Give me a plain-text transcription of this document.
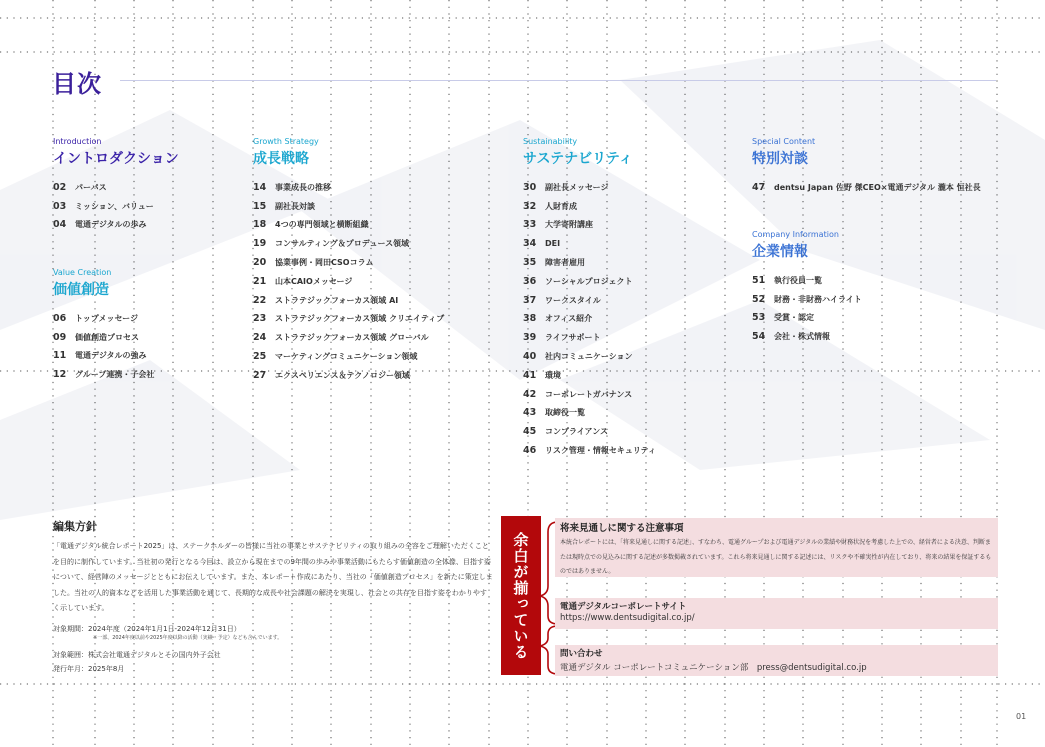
目次
Introduction
イントロダクション
02	パーパス
03	ミッション、バリュー
04	電通デジタルの歩み
Value Creation
価値創造
06	トップメッセージ
09	価値創造プロセス
11	電通デジタルの強み
12	グループ連携・子会社
Growth Strategy
成長戦略
14	事業成長の推移
15	副社長対談
18	4つの専門領域と横断組織
19	コンサルティング＆プロデュース領域
20	協業事例・岡田CSOコラム
21	山本CAIOメッセージ
22	ストラテジックフォーカス領域 AI
23	ストラテジックフォーカス領域 クリエイティブ
24	ストラテジックフォーカス領域 グローバル
25	マーケティングコミュニケーション領域
27	エクスペリエンス＆テクノロジー領域
Sustainability
サステナビリティ
30	副社長メッセージ
32	人財育成
33	大学寄附講座
34	DEI
35	障害者雇用
36	ソーシャルプロジェクト
37	ワークスタイル
38	オフィス紹介
39	ライフサポート
40	社内コミュニケーション
41	環境
42	コーポレートガバナンス
43	取締役一覧
45	コンプライアンス
46	リスク管理・情報セキュリティ
Special Content
特別対談
47	dentsu Japan 佐野 傑CEO×電通デジタル 瀧本 恒社長
Company Information
企業情報
51	執行役員一覧
52	財務・非財務ハイライト
53	受賞・認定
54	会社・株式情報
編集方針
「電通デジタル統合レポート2025」は、ステークホルダーの皆様に当社の事業とサステナビリティの取り組みの全容をご理解いただくことを目的に制作しています。当社初の発行となる今回は、設立から現在までの9年間の歩みや事業活動にもたらす価値創造の全体像、目指す姿について、経営陣のメッセージとともにお伝えしています。また、本レポート作成にあたり、当社の「価値創造プロセス」を新たに策定しました。当社の人的資本などを活用した事業活動を通じて、長期的な成長や社会課題の解決を実現し、社会との共存を目指す姿をわかりやすく示しています。
対象期間：2024年度（2024年1月1日-2024年12月31日）
※一部、2024年度以前や2025年度以降の活動（実績・予定）なども含んでいます。
対象範囲：株式会社電通デジタルとその国内外子会社
発行年月：2025年8月
余白が揃っている
将来見通しに関する注意事項
本統合レポートには、「将来見通しに関する記述」、すなわち、電通グループおよび電通デジタルの業績や財務状況を考慮した上での、経営者による決意、判断または現時点での見込みに関する記述が多数掲載されています。これら将来見通しに関する記述には、リスクや不確実性が内在しており、将来の結果を保証するものではありません。
電通デジタルコーポレートサイト
https://www.dentsudigital.co.jp/
問い合わせ
電通デジタル コーポレートコミュニケーション部　press@dentsudigital.co.jp
01
